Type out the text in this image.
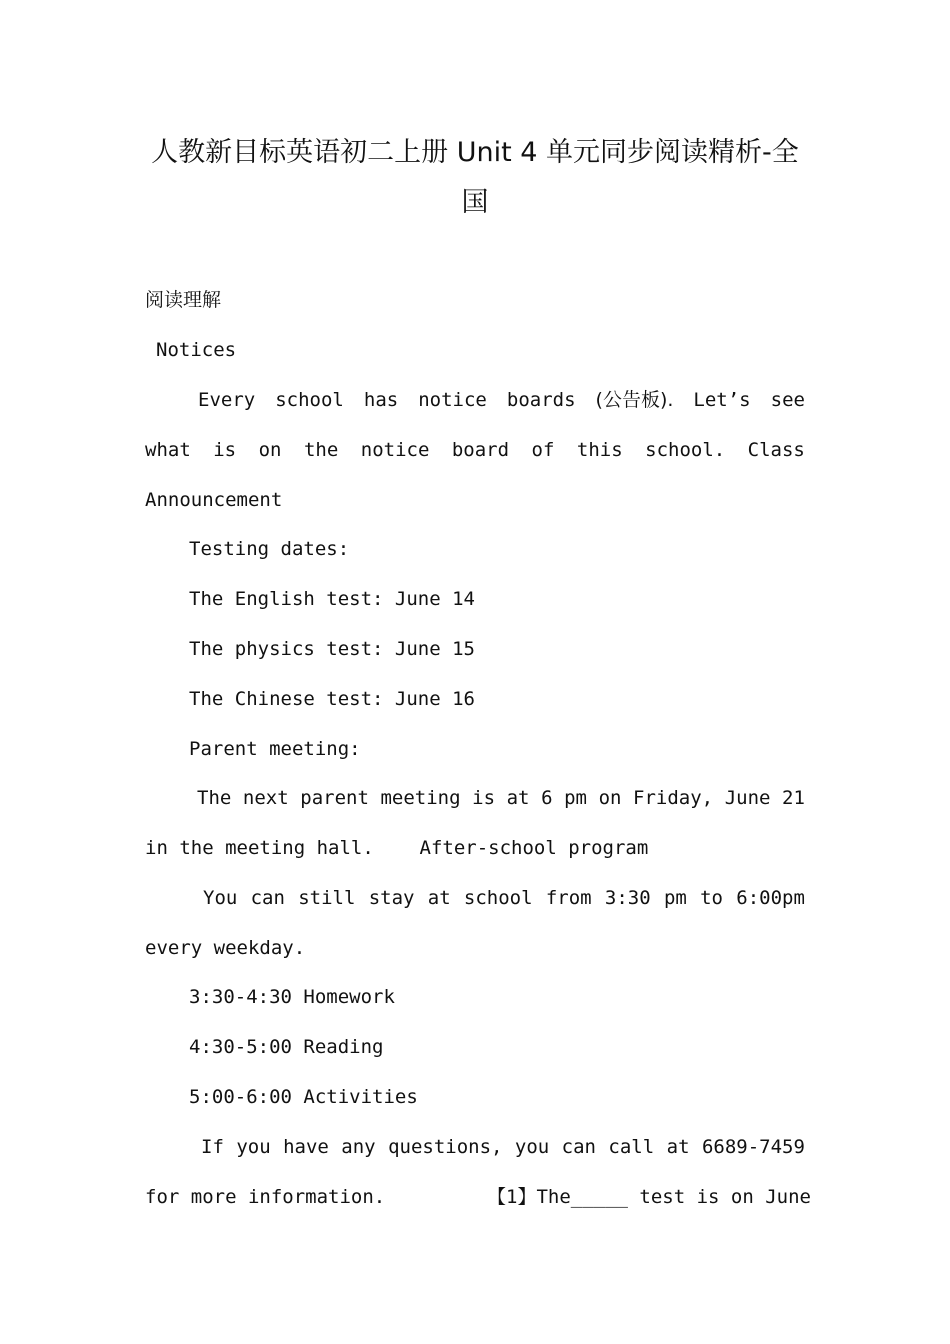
人教新目标英语初二上册 Unit 4 单元同步阅读精析-全
国
阅读理解
Notices
Every school has notice boards (公告板). Let’s see
what is on the notice board of this school. Class
Announcement
Testing dates:
The English test: June 14
The physics test: June 15
The Chinese test: June 16
Parent meeting:
The next parent meeting is at 6 pm on Friday, June 21
in the meeting hall.    After-school program
You can still stay at school from 3:30 pm to 6:00pm
every weekday.
3:30-4:30 Homework
4:30-5:00 Reading
5:00-6:00 Activities
If you have any questions, you can call at 6689-7459
for more information.	【1】The_____ test is on June
